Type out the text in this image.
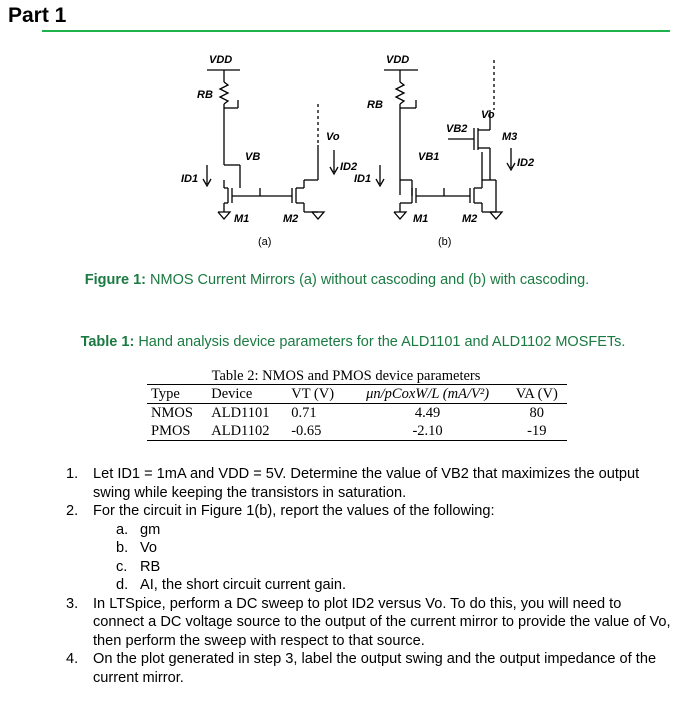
Part 1
VDD
RB
ID1
VB
M1	M2
Vo
ID2
(a)
VDD
RB
ID1
VB1
M1	M2
VB2
Vo
M3
ID2
(b)
Figure 1: NMOS Current Mirrors (a) without cascoding and (b) with cascoding.
Table 1: Hand analysis device parameters for the ALD1101 and ALD1102 MOSFETs.
Table 2: NMOS and PMOS device parameters
Type	Device	VT (V)	μn/pCoxW/L (mA/V²)	VA (V)
NMOS	ALD1101	0.71	4.49	80
PMOS	ALD1102	-0.65	-2.10	-19
1. Let ID1 = 1mA and VDD = 5V. Determine the value of VB2 that maximizes the output swing while keeping the transistors in saturation.
2. For the circuit in Figure 1(b), report the values of the following:
a. gm
b. Vo
c. RB
d. AI, the short circuit current gain.
3. In LTSpice, perform a DC sweep to plot ID2 versus Vo. To do this, you will need to connect a DC voltage source to the output of the current mirror to provide the value of Vo, then perform the sweep with respect to that source.
4. On the plot generated in step 3, label the output swing and the output impedance of the current mirror.
